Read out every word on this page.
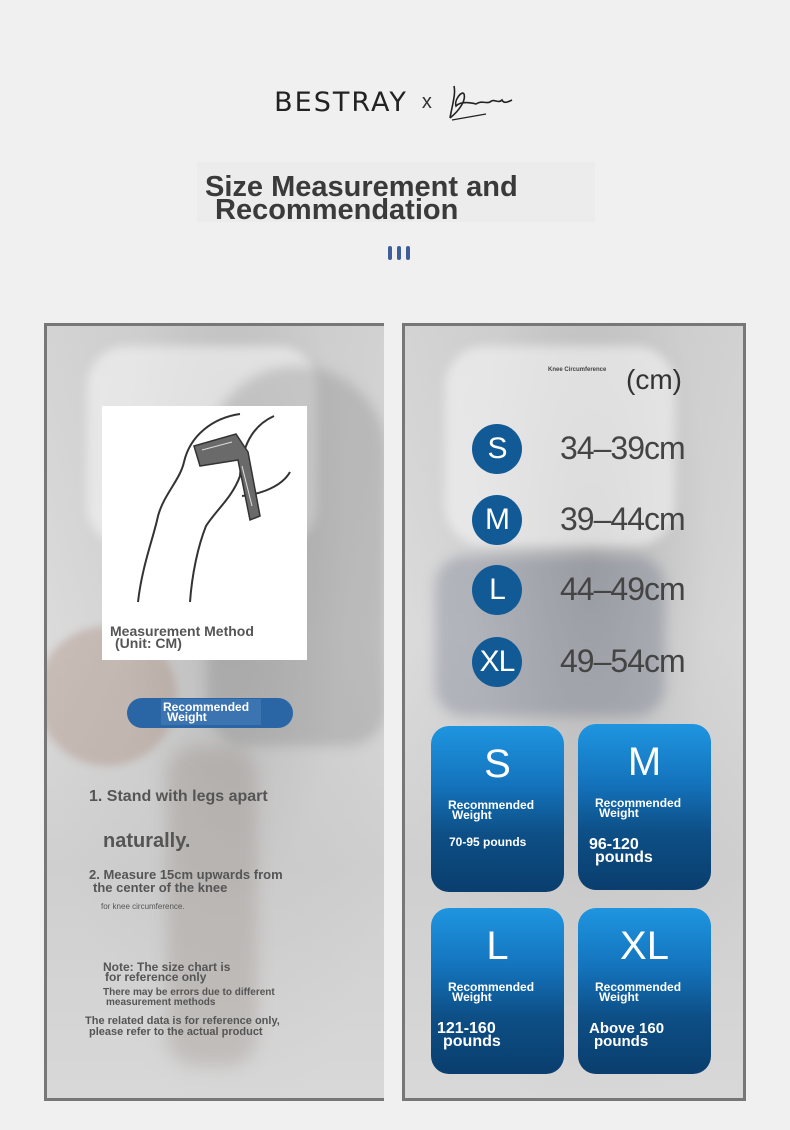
BESTRAY x
Size Measurement and
Recommendation
Measurement Method
(Unit: CM)
Recommended
Weight
1. Stand with legs apart
naturally.
2. Measure 15cm upwards from
the center of the knee
for knee circumference.
Note: The size chart is
for reference only
There may be errors due to different
measurement methods
The related data is for reference only,
please refer to the actual product
Knee Circumference (cm)
S	34–39cm
M	39–44cm
L	44–49cm
XL 49–54cm
S
Recommended
Weight
70-95 pounds
M
Recommended
Weight
96-120
pounds
L
Recommended
Weight
121-160
pounds
XL
Recommended
Weight
Above 160
pounds
